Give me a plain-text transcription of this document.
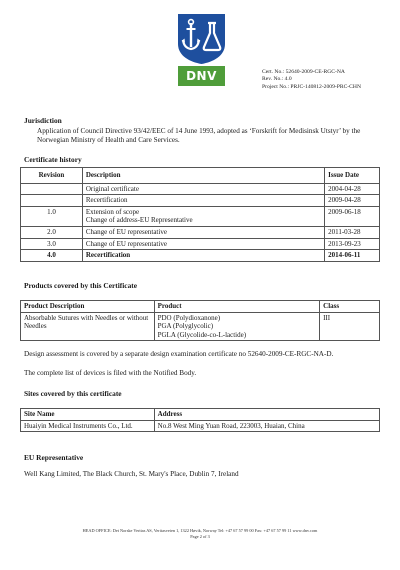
DNV	Cert. No.: 52640-2009-CE-RGC-NA
Rev. No.: 4.0
Project No.: PRJC-140812-2009-PRC-CHN
Jurisdiction
Application of Council Directive 93/42/EEC of 14 June 1993, adopted as ‘Forskrift for Medisinsk Utstyr’ by the Norwegian Ministry of Health and Care Services.
Certificate history
Revision	Description	Issue Date
	Original certificate	2004-04-28
	Recertification	2009-04-28
1.0	Extension of scope
Change of address-EU Representative	2009-06-18
2.0	Change of EU representative	2011-03-28
3.0	Change of EU representative	2013-09-23
4.0	Recertification	2014-06-11
Products covered by this Certificate
Product Description	Product	Class
Absorbable Sutures with Needles or without Needles	PDO (Polydioxanone)
PGA (Polyglycolic)
PGLA (Glycolide-co-L-lactide)	III
Design assessment is covered by a separate design examination certificate no 52640-2009-CE-RGC-NA-D.
The complete list of devices is filed with the Notified Body.
Sites covered by this certificate
Site Name	Address
Huaiyin Medical Instruments Co., Ltd.	No.8 West Ming Yuan Road, 223003, Huaian, China
EU Representative
Well Kang Limited, The Black Church, St. Mary's Place, Dublin 7, Ireland
HEAD OFFICE: Det Norske Veritas AS, Veritasveien 1, 1322 Høvik, Norway Tel: +47 67 57 99 00 Fax: +47 67 57 99 11 www.dnv.com
Page 2 of 3
